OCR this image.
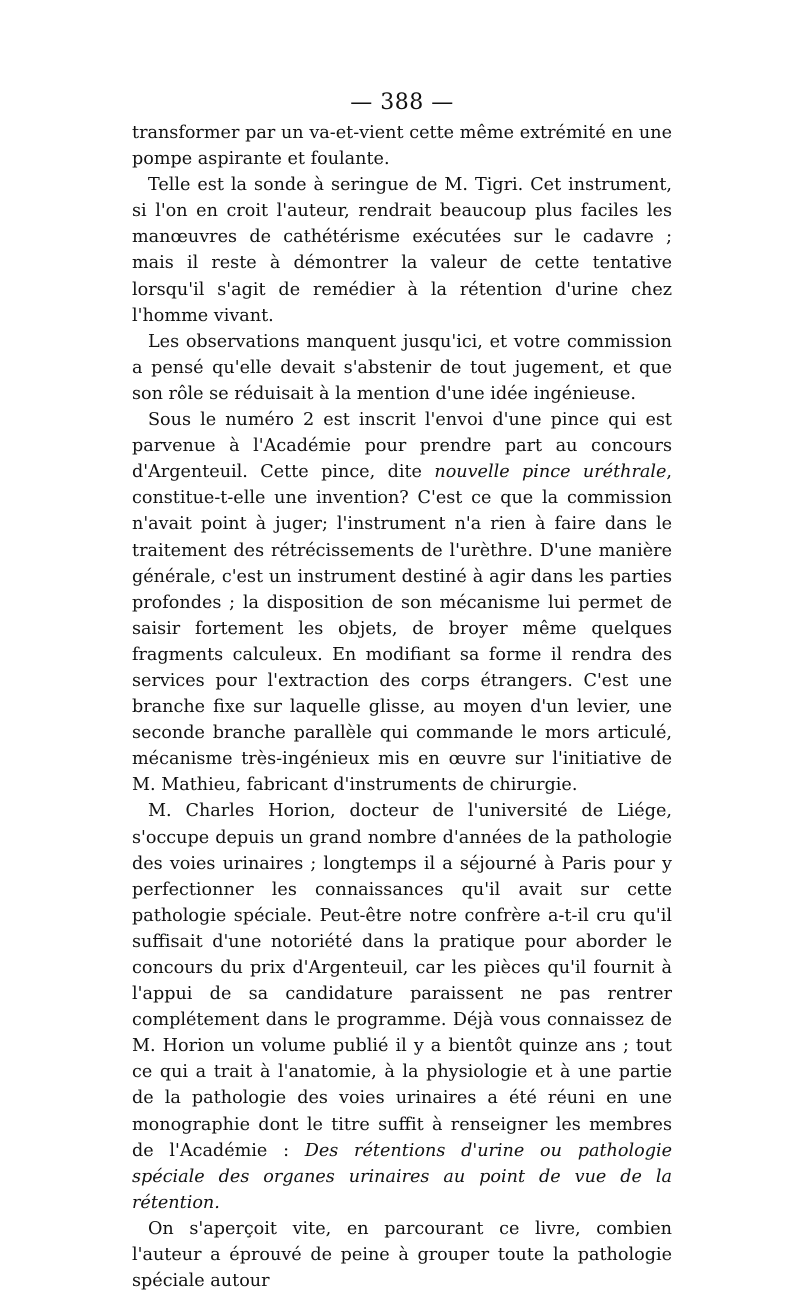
— 388 —

transformer par un va-et-vient cette même extrémité en une pompe aspirante et foulante.

Telle est la sonde à seringue de M. Tigri. Cet instrument, si l'on en croit l'auteur, rendrait beaucoup plus faciles les manœuvres de cathétérisme exécutées sur le cadavre ; mais il reste à démontrer la valeur de cette tentative lorsqu'il s'agit de remédier à la rétention d'urine chez l'homme vivant.

Les observations manquent jusqu'ici, et votre commission a pensé qu'elle devait s'abstenir de tout jugement, et que son rôle se réduisait à la mention d'une idée ingénieuse.

Sous le numéro 2 est inscrit l'envoi d'une pince qui est parvenue à l'Académie pour prendre part au concours d'Argenteuil. Cette pince, dite nouvelle pince uréthrale, constitue-t-elle une invention? C'est ce que la commission n'avait point à juger; l'instrument n'a rien à faire dans le traitement des rétrécissements de l'urèthre. D'une manière générale, c'est un instrument destiné à agir dans les parties profondes ; la disposition de son mécanisme lui permet de saisir fortement les objets, de broyer même quelques fragments calculeux. En modifiant sa forme il rendra des services pour l'extraction des corps étrangers. C'est une branche fixe sur laquelle glisse, au moyen d'un levier, une seconde branche parallèle qui commande le mors articulé, mécanisme très-ingénieux mis en œuvre sur l'initiative de M. Mathieu, fabricant d'instruments de chirurgie.

M. Charles Horion, docteur de l'université de Liége, s'occupe depuis un grand nombre d'années de la pathologie des voies urinaires ; longtemps il a séjourné à Paris pour y perfectionner les connaissances qu'il avait sur cette pathologie spéciale. Peut-être notre confrère a-t-il cru qu'il suffisait d'une notoriété dans la pratique pour aborder le concours du prix d'Argenteuil, car les pièces qu'il fournit à l'appui de sa candidature paraissent ne pas rentrer complétement dans le programme. Déjà vous connaissez de M. Horion un volume publié il y a bientôt quinze ans ; tout ce qui a trait à l'anatomie, à la physiologie et à une partie de la pathologie des voies urinaires a été réuni en une monographie dont le titre suffit à renseigner les membres de l'Académie : Des rétentions d'urine ou pathologie spéciale des organes urinaires au point de vue de la rétention.

On s'aperçoit vite, en parcourant ce livre, combien l'auteur a éprouvé de peine à grouper toute la pathologie spéciale autour
